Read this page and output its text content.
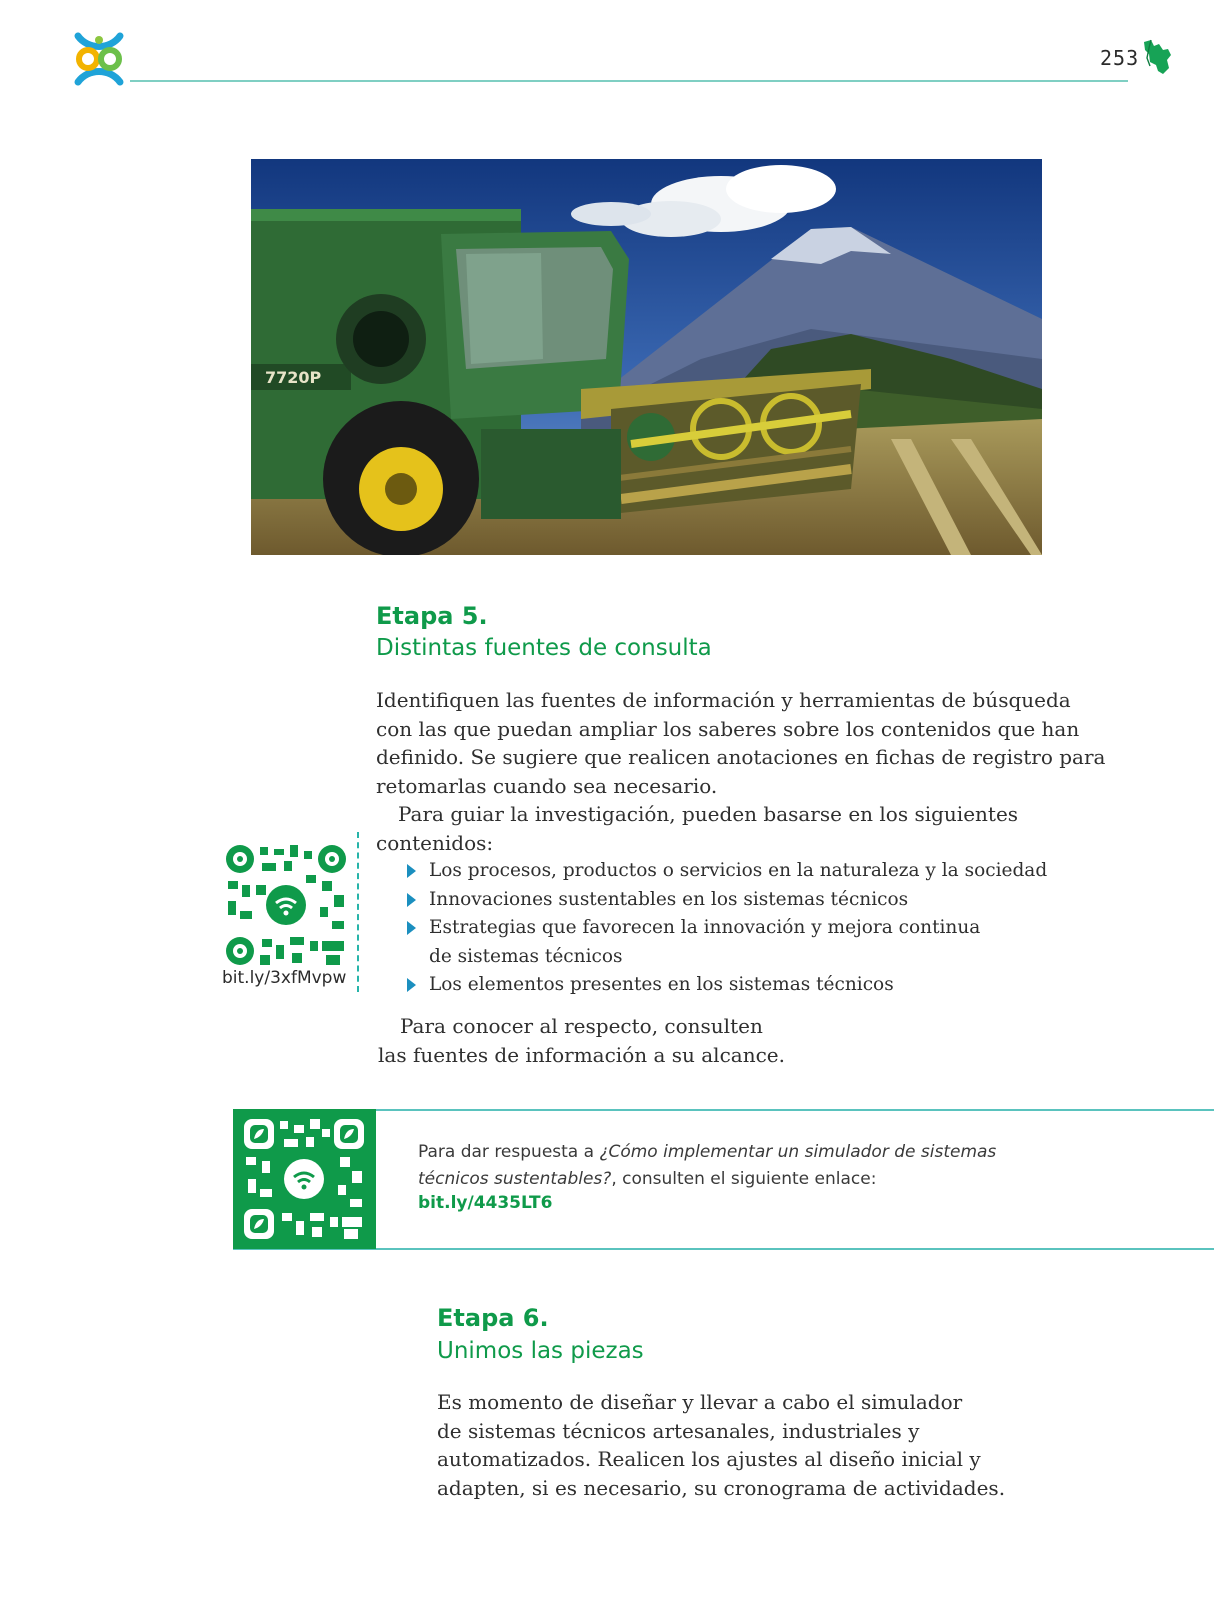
253
7720P
Etapa 5.
Distintas fuentes de consulta
Identifiquen las fuentes de información y herramientas de búsqueda
con las que puedan ampliar los saberes sobre los contenidos que han
definido. Se sugiere que realicen anotaciones en fichas de registro para
retomarlas cuando sea necesario.
Para guiar la investigación, pueden basarse en los siguientes
contenidos:
Los procesos, productos o servicios en la naturaleza y la sociedad
Innovaciones sustentables en los sistemas técnicos
Estrategias que favorecen la innovación y mejora continua
de sistemas técnicos
Los elementos presentes en los sistemas técnicos
Para conocer al respecto, consulten
las fuentes de información a su alcance.
bit.ly/3xfMvpw
Para dar respuesta a ¿Cómo implementar un simulador de sistemas
técnicos sustentables?, consulten el siguiente enlace:
bit.ly/4435LT6
Etapa 6.
Unimos las piezas
Es momento de diseñar y llevar a cabo el simulador
de sistemas técnicos artesanales, industriales y
automatizados. Realicen los ajustes al diseño inicial y
adapten, si es necesario, su cronograma de actividades.
